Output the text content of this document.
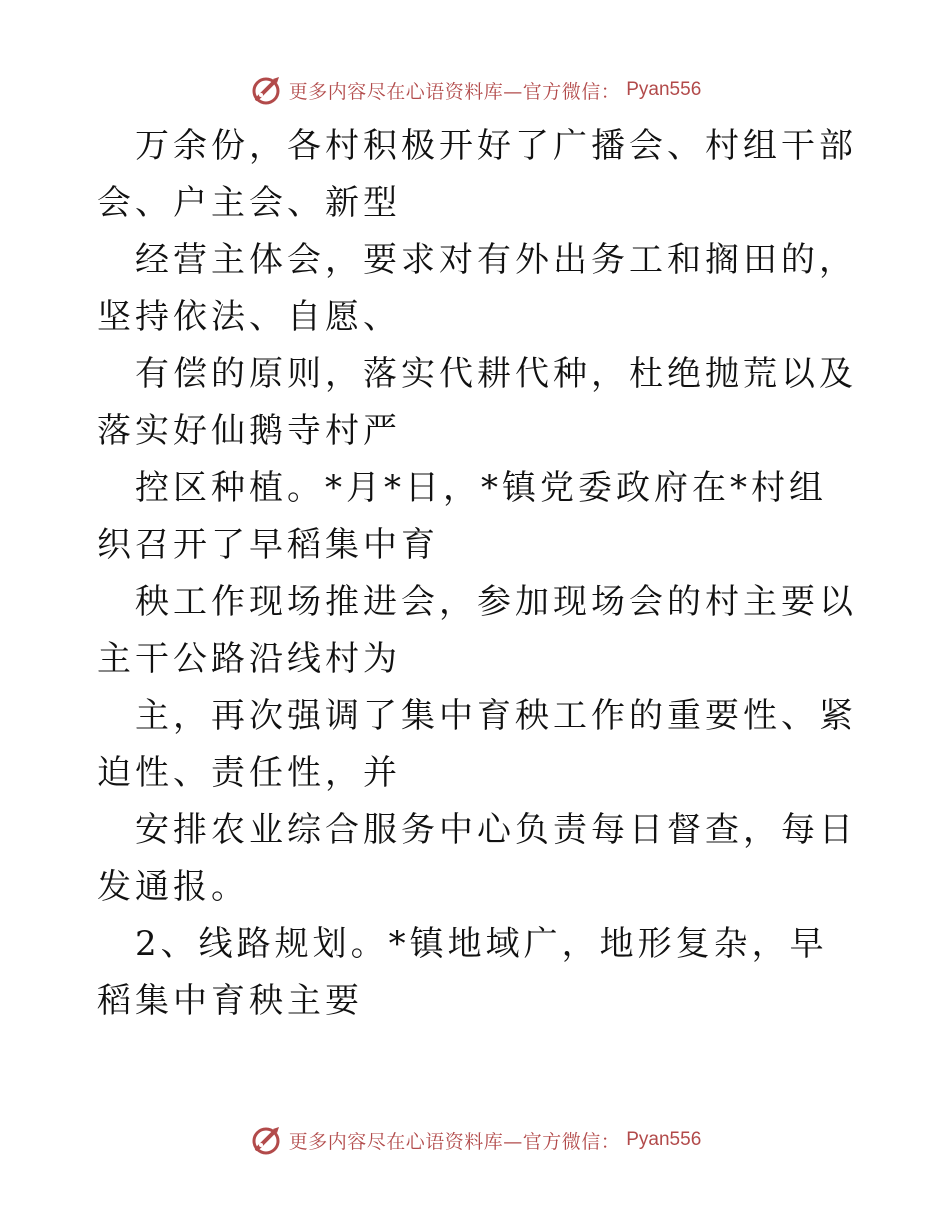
更多内容尽在心语资料库—官方微信： Pyan556

万余份，各村积极开好了广播会、村组干部会、户主会、新型

经营主体会，要求对有外出务工和搁田的，坚持依法、自愿、

有偿的原则，落实代耕代种，杜绝抛荒以及落实好仙鹅寺村严

控区种植。*月*日，*镇党委政府在*村组织召开了早稻集中育

秧工作现场推进会，参加现场会的村主要以主干公路沿线村为

主，再次强调了集中育秧工作的重要性、紧迫性、责任性，并

安排农业综合服务中心负责每日督查，每日发通报。

2、线路规划。*镇地域广，地形复杂，早稻集中育秧主要

更多内容尽在心语资料库—官方微信： Pyan556
